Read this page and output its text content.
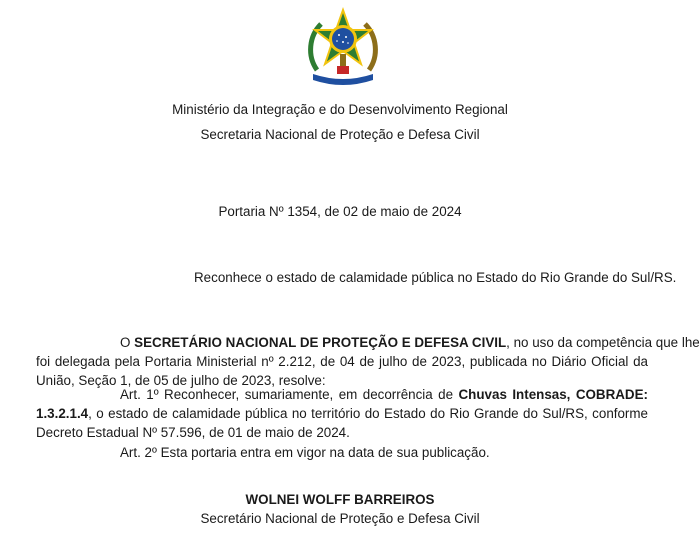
Ministério da Integração e do Desenvolvimento Regional
Secretaria Nacional de Proteção e Defesa Civil
Portaria Nº 1354, de 02 de maio de 2024
Reconhece o estado de calamidade pública no Estado do Rio Grande do Sul/RS.
O SECRETÁRIO NACIONAL DE PROTEÇÃO E DEFESA CIVIL, no uso da competência que lhe
foi delegada pela Portaria Ministerial nº 2.212, de 04 de julho de 2023, publicada no Diário Oficial da
União, Seção 1, de 05 de julho de 2023, resolve:
Art. 1º Reconhecer, sumariamente, em decorrência de Chuvas Intensas, COBRADE:
1.3.2.1.4, o estado de calamidade pública no território do Estado do Rio Grande do Sul/RS, conforme
Decreto Estadual Nº 57.596, de 01 de maio de 2024.
Art. 2º Esta portaria entra em vigor na data de sua publicação.
WOLNEI WOLFF BARREIROS
Secretário Nacional de Proteção e Defesa Civil
